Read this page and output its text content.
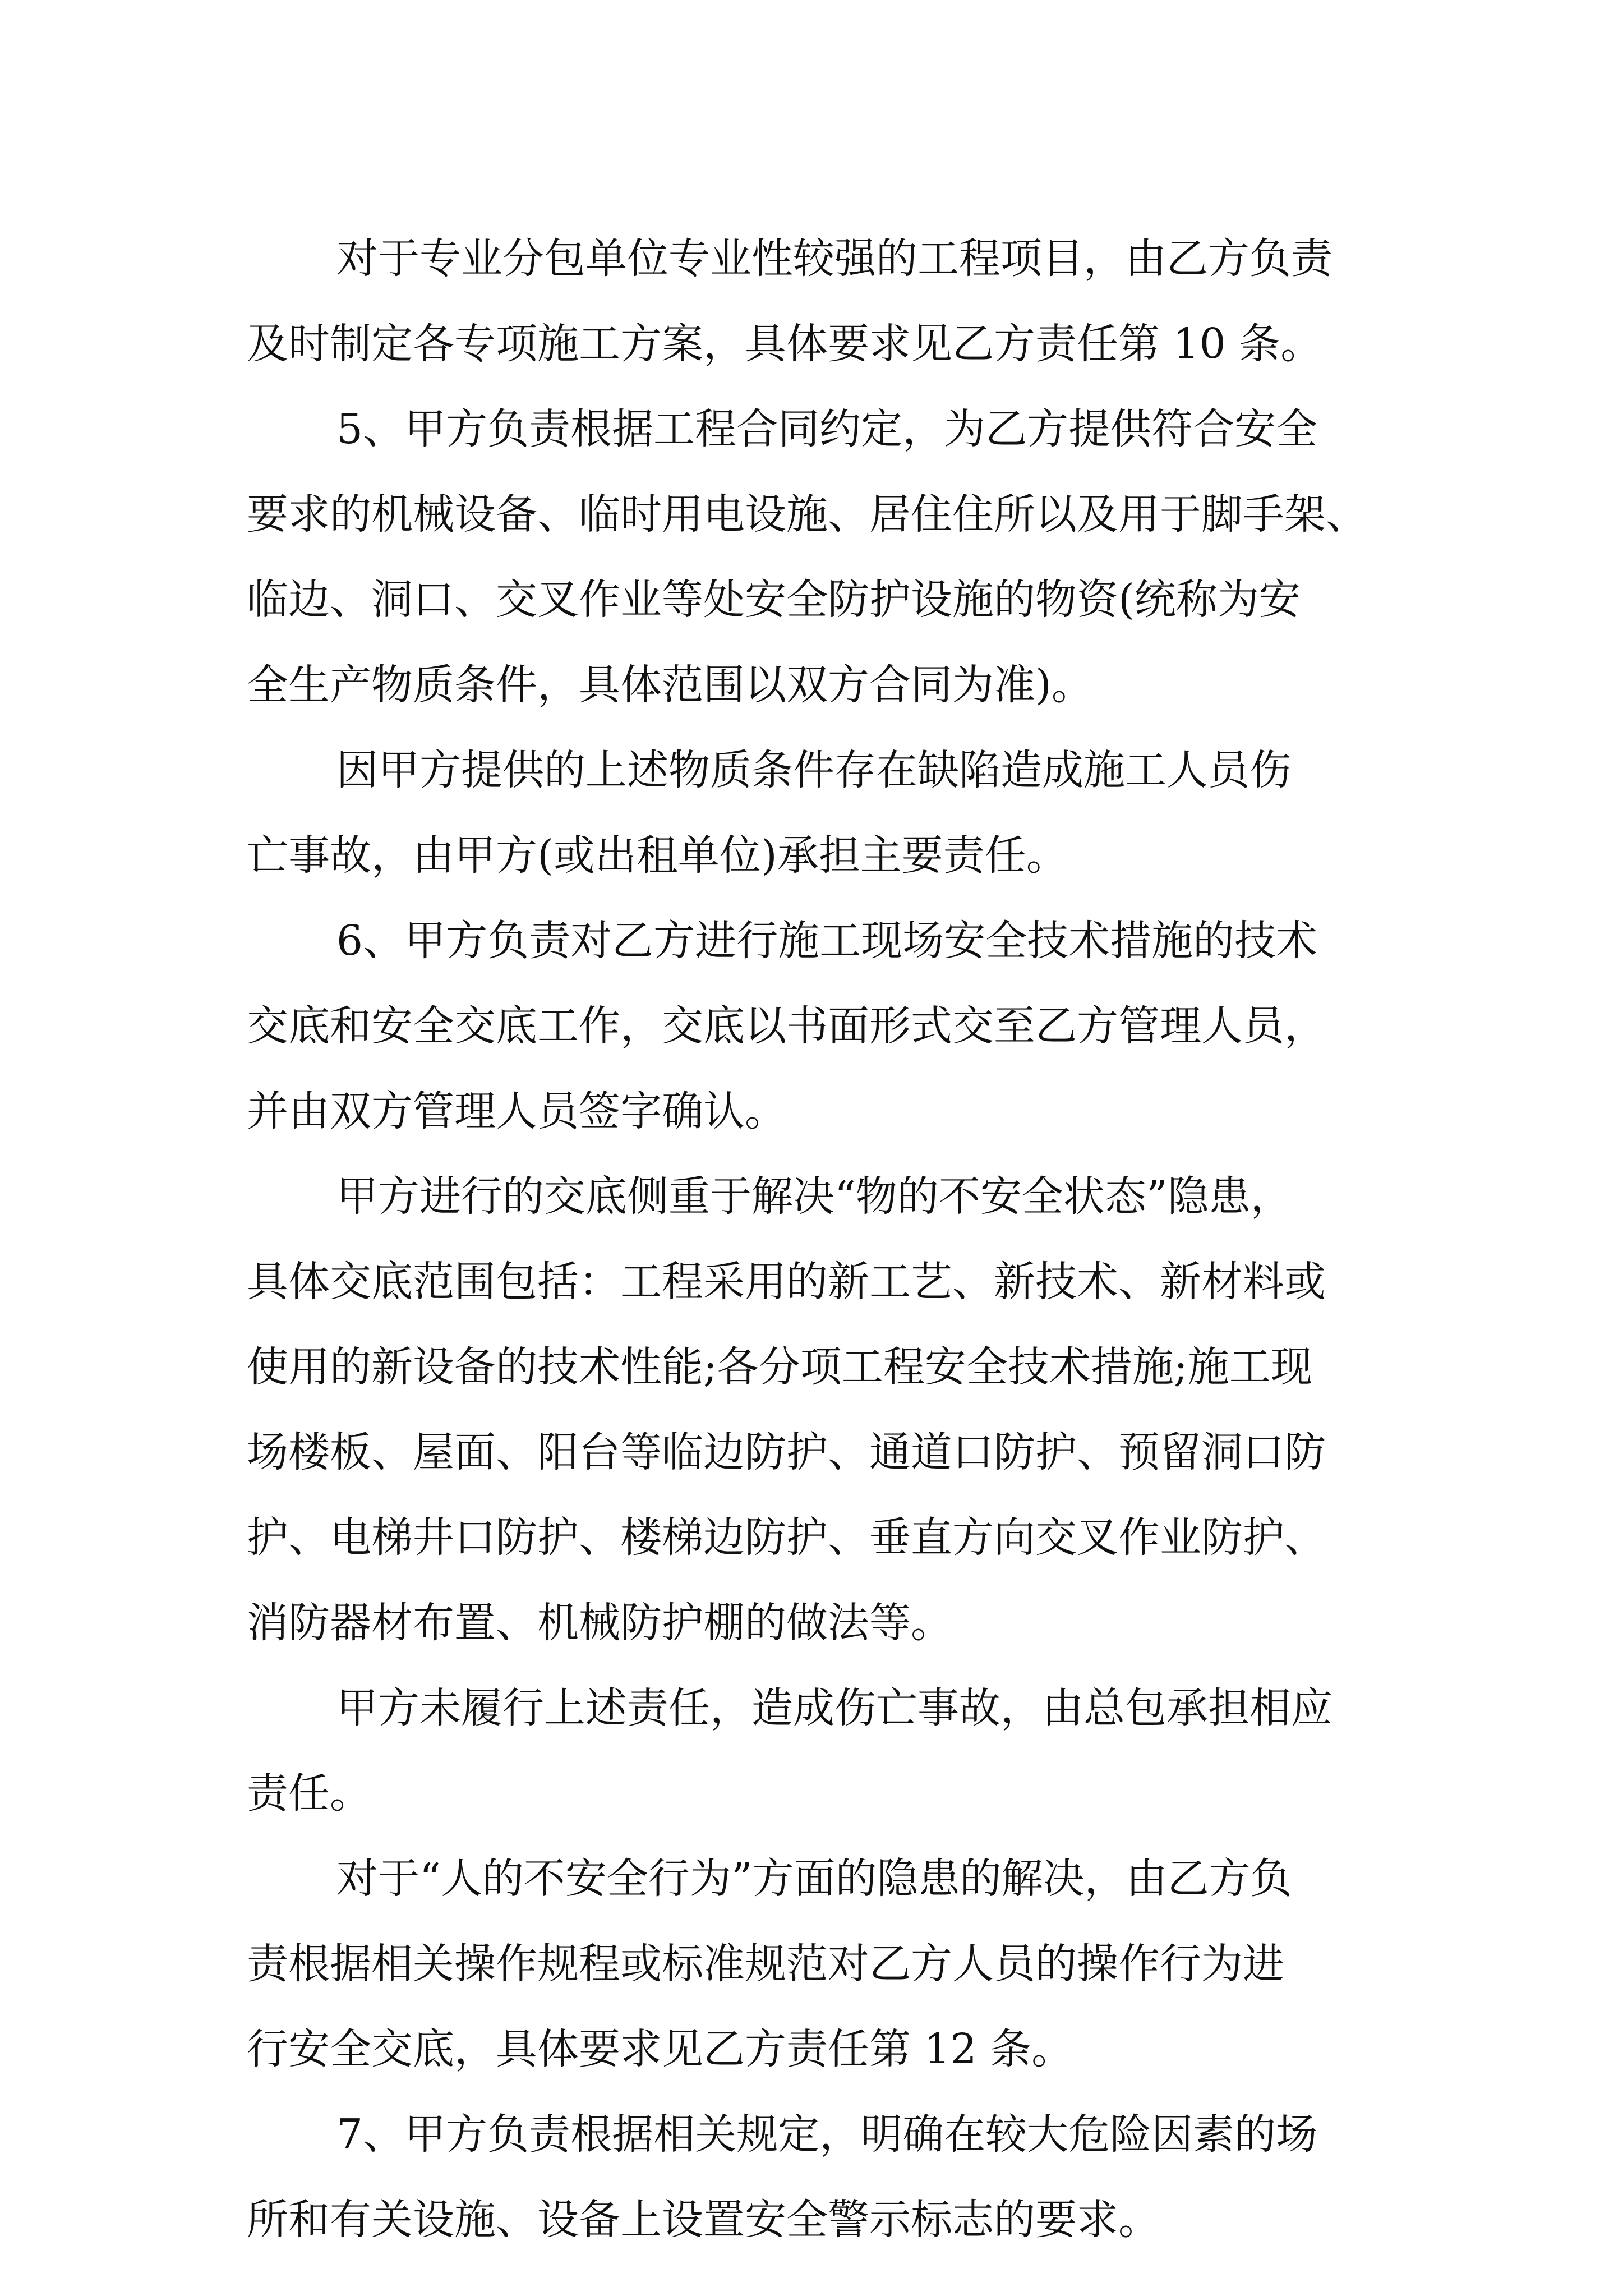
对于专业分包单位专业性较强的工程项目，由乙方负责
及时制定各专项施工方案，具体要求见乙方责任第 10 条。
5、甲方负责根据工程合同约定，为乙方提供符合安全
要求的机械设备、临时用电设施、居住住所以及用于脚手架、
临边、洞口、交叉作业等处安全防护设施的物资(统称为安
全生产物质条件，具体范围以双方合同为准)。
因甲方提供的上述物质条件存在缺陷造成施工人员伤
亡事故，由甲方(或出租单位)承担主要责任。
6、甲方负责对乙方进行施工现场安全技术措施的技术
交底和安全交底工作，交底以书面形式交至乙方管理人员，
并由双方管理人员签字确认。
甲方进行的交底侧重于解决“物的不安全状态”隐患，
具体交底范围包括：工程采用的新工艺、新技术、新材料或
使用的新设备的技术性能;各分项工程安全技术措施;施工现
场楼板、屋面、阳台等临边防护、通道口防护、预留洞口防
护、电梯井口防护、楼梯边防护、垂直方向交叉作业防护、
消防器材布置、机械防护棚的做法等。
甲方未履行上述责任，造成伤亡事故，由总包承担相应
责任。
对于“人的不安全行为”方面的隐患的解决，由乙方负
责根据相关操作规程或标准规范对乙方人员的操作行为进
行安全交底，具体要求见乙方责任第 12 条。
7、甲方负责根据相关规定，明确在较大危险因素的场
所和有关设施、设备上设置安全警示标志的要求。
